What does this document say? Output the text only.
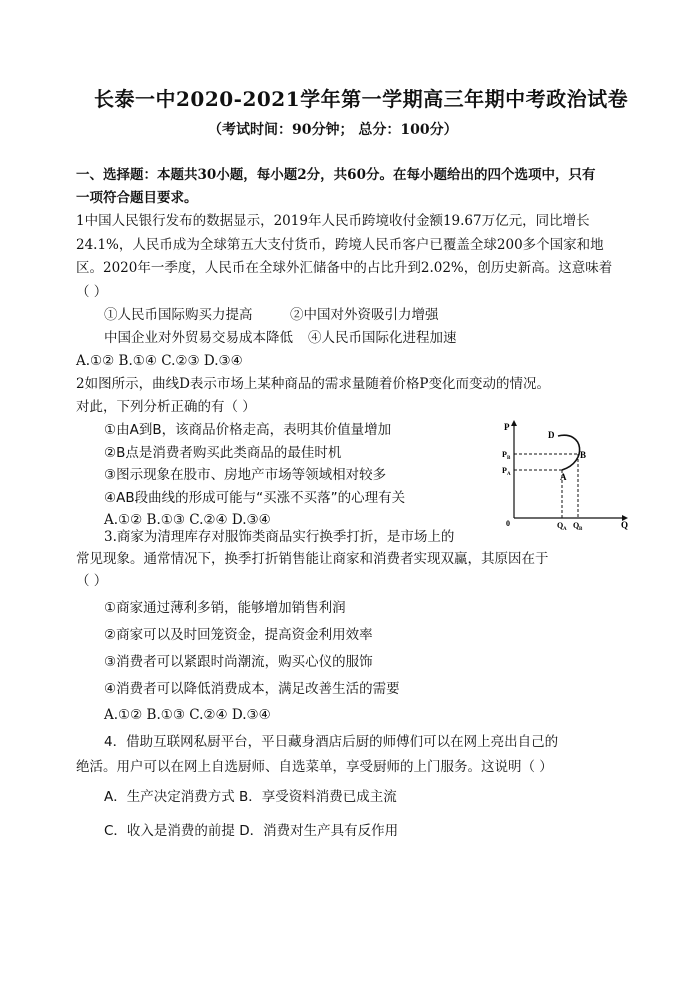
长泰一中2020-2021学年第一学期高三年期中考政治试卷
（考试时间：90分钟； 总分：100分）
一、选择题：本题共30小题，每小题2分，共60分。在每小题给出的四个选项中，只有
一项符合题目要求。
1中国人民银行发布的数据显示，2019年人民币跨境收付金额19.67万亿元，同比增长
24.1%，人民币成为全球第五大支付货币，跨境人民币客户已覆盖全球200多个国家和地
区。2020年一季度，人民币在全球外汇储备中的占比升到2.02%，创历史新高。这意味着
（ ）
①人民币国际购买力提高	②中国对外资吸引力增强
中国企业对外贸易交易成本降低 ④人民币国际化进程加速
A.①② B.①④ C.②③ D.③④
2如图所示，曲线D表示市场上某种商品的需求量随着价格P变化而变动的情况。
对此，下列分析正确的有（ ）
①由A到B，该商品价格走高，表明其价值量增加
②B点是消费者购买此类商品的最佳时机
③图示现象在股市、房地产市场等领域相对较多
④AB段曲线的形成可能与“买涨不买落”的心理有关
A.①② B.①③ C.②④ D.③④
P
Q
0
D
B
A
P B
P A
Q A Q B
3.商家为清理库存对服饰类商品实行换季打折，是市场上的
常见现象。通常情况下，换季打折销售能让商家和消费者实现双赢，其原因在于
（ ）
①商家通过薄利多销，能够增加销售利润
②商家可以及时回笼资金，提高资金利用效率
③消费者可以紧跟时尚潮流，购买心仪的服饰
④消费者可以降低消费成本，满足改善生活的需要
A.①② B.①③ C.②④ D.③④
4．借助互联网私厨平台，平日藏身酒店后厨的师傅们可以在网上亮出自己的
绝活。用户可以在网上自选厨师、自选菜单，享受厨师的上门服务。这说明（ ）
A．生产决定消费方式 B．享受资料消费已成主流
C．收入是消费的前提 D．消费对生产具有反作用
